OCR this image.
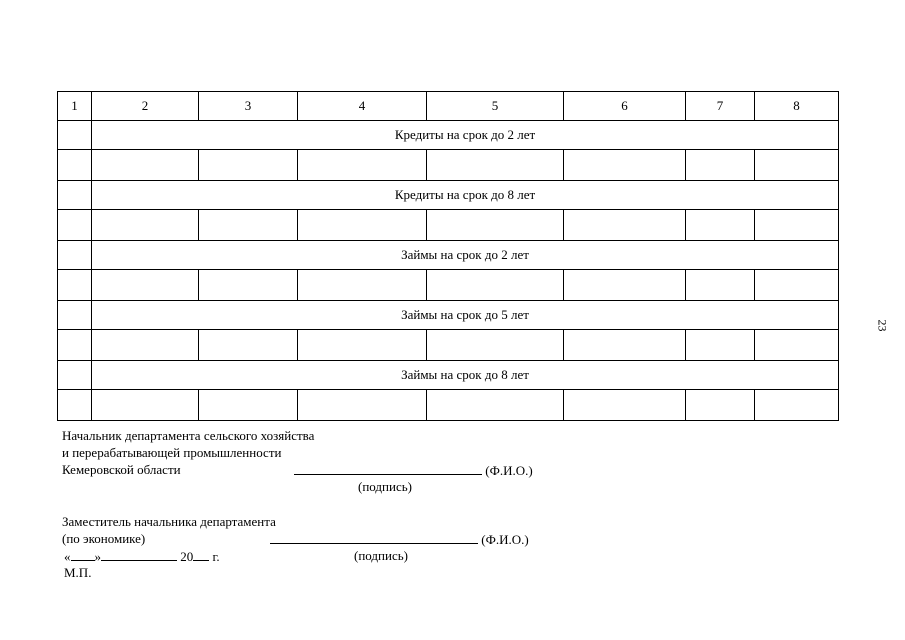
1	2	3	4	5	6	7	8
	Кредиты на срок до 2 лет						

	Кредиты на срок до 8 лет						

	Займы на срок до 2 лет						

	Займы на срок до 5 лет						

	Займы на срок до 8 лет						

23
Начальник департамента сельского хозяйства
и перерабатывающей промышленности
Кемеровской области	(Ф.И.О.)
(подпись)
Заместитель начальника департамента
(по экономике)	(Ф.И.О.)
« »	20 г.	(подпись)
М.П.
